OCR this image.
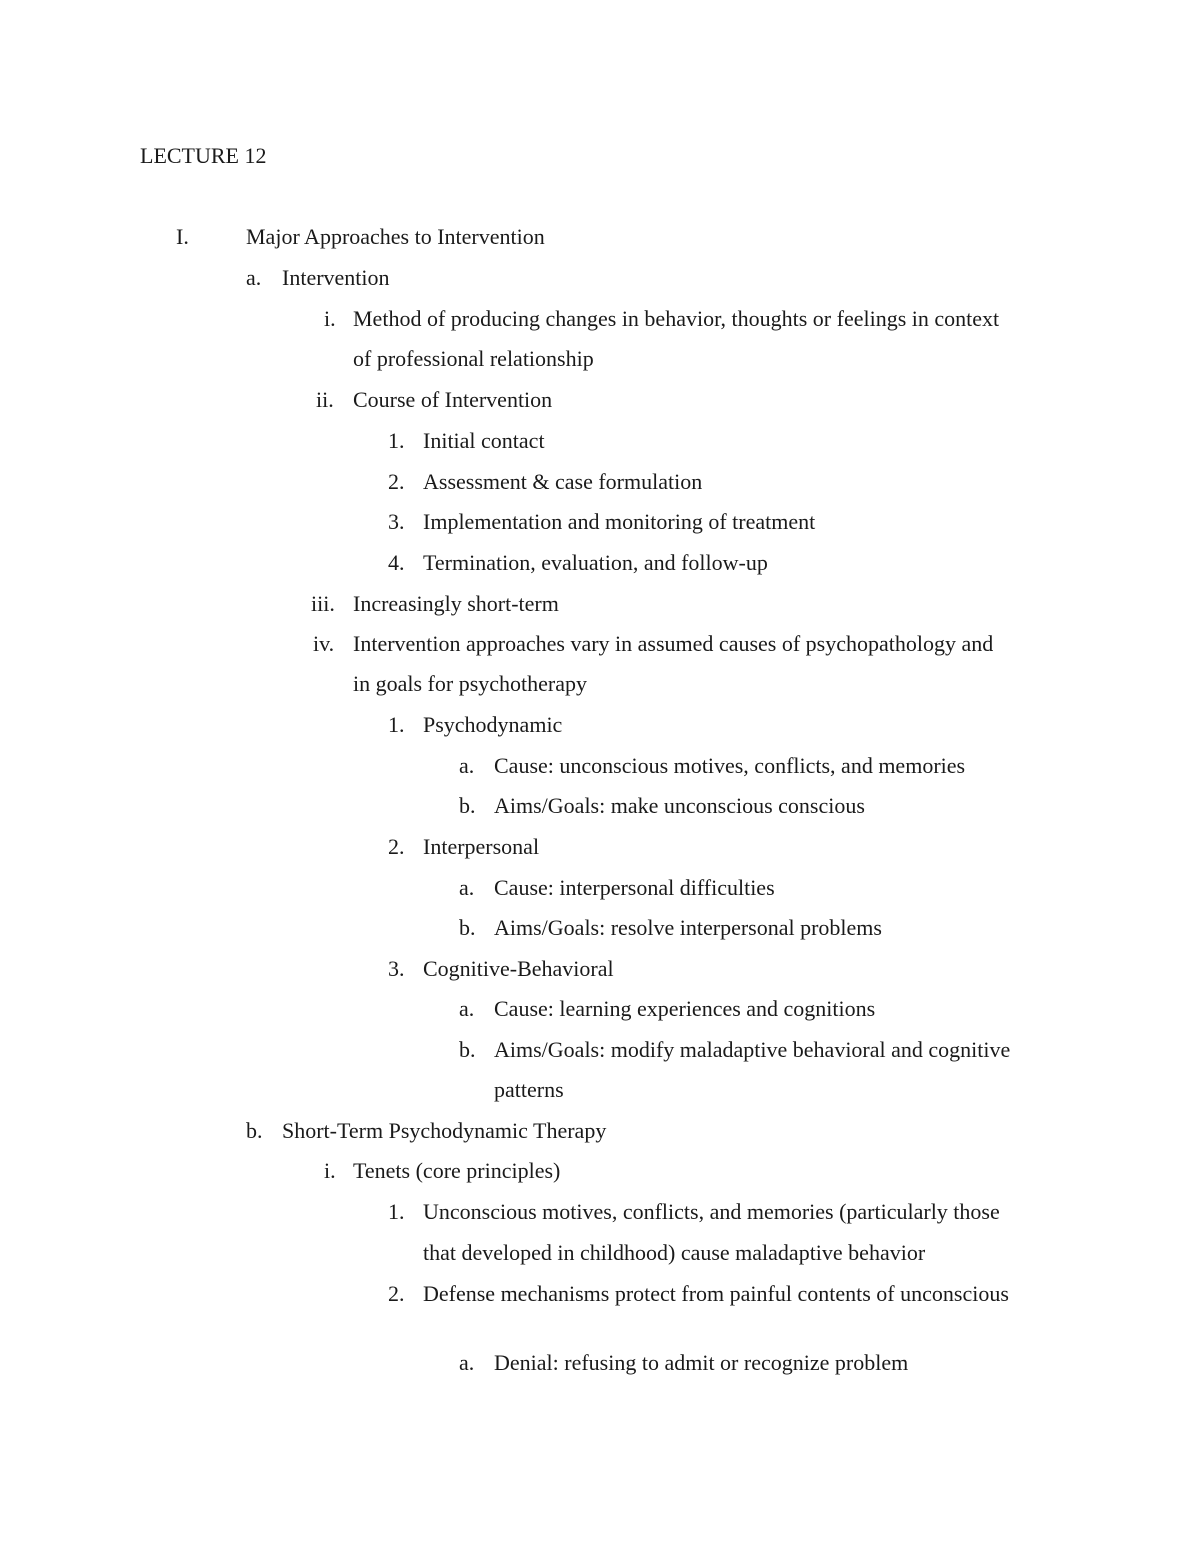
LECTURE 12
I.	Major Approaches to Intervention
a. Intervention
i. Method of producing changes in behavior, thoughts or feelings in context
of professional relationship
ii. Course of Intervention
1. Initial contact
2. Assessment & case formulation
3. Implementation and monitoring of treatment
4. Termination, evaluation, and follow-up
iii. Increasingly short-term
iv. Intervention approaches vary in assumed causes of psychopathology and
in goals for psychotherapy
1. Psychodynamic
a. Cause: unconscious motives, conflicts, and memories
b. Aims/Goals: make unconscious conscious
2. Interpersonal
a. Cause: interpersonal difficulties
b. Aims/Goals: resolve interpersonal problems
3. Cognitive-Behavioral
a. Cause: learning experiences and cognitions
b. Aims/Goals: modify maladaptive behavioral and cognitive
patterns
b. Short-Term Psychodynamic Therapy
i. Tenets (core principles)
1. Unconscious motives, conflicts, and memories (particularly those
that developed in childhood) cause maladaptive behavior
2. Defense mechanisms protect from painful contents of unconscious
a. Denial: refusing to admit or recognize problem
